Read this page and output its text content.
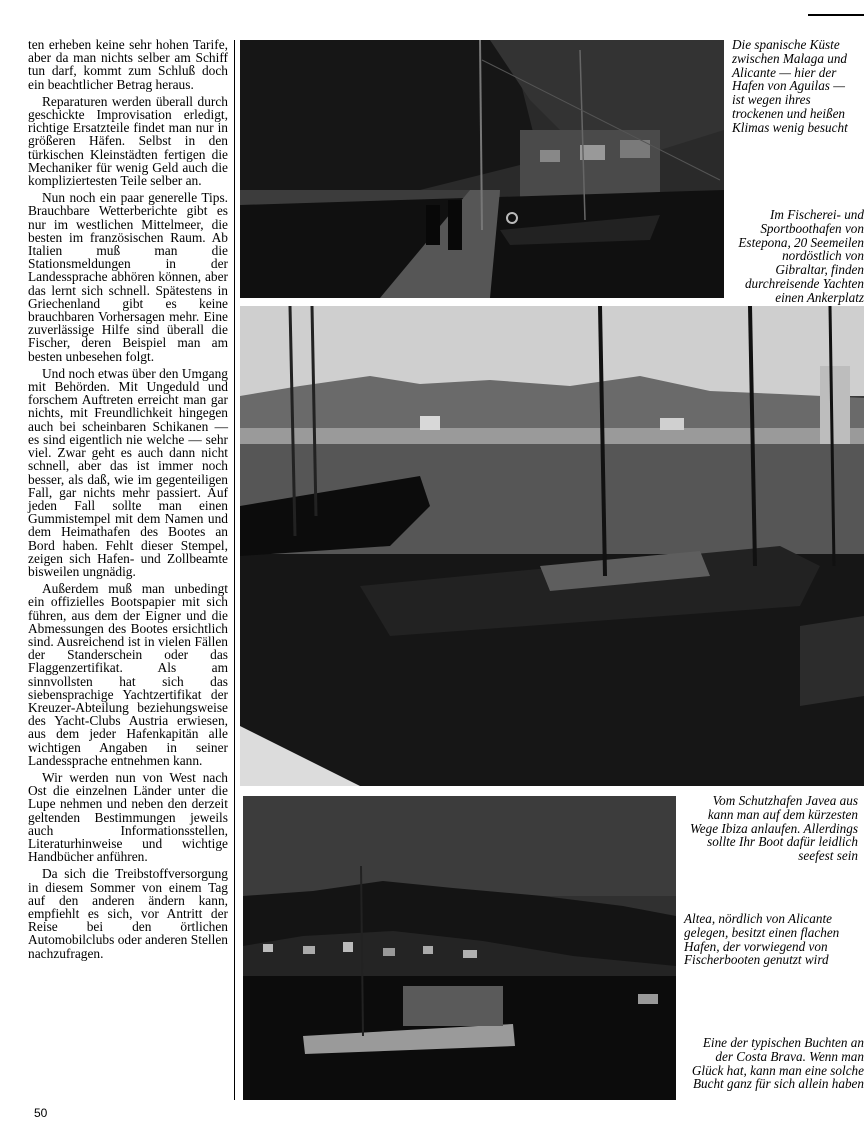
ten erheben keine sehr hohen Tarife, aber da man nichts selber am Schiff tun darf, kommt zum Schluß doch ein beachtlicher Betrag heraus.

Reparaturen werden überall durch geschickte Improvisation erledigt, richtige Ersatzteile findet man nur in größeren Häfen. Selbst in den türkischen Kleinstädten fertigen die Mechaniker für wenig Geld auch die kompliziertesten Teile selber an.

Nun noch ein paar generelle Tips. Brauchbare Wetterberichte gibt es nur im westlichen Mittelmeer, die besten im französischen Raum. Ab Italien muß man die Stationsmeldungen in der Landessprache abhören können, aber das lernt sich schnell. Spätestens in Griechenland gibt es keine brauchbaren Vorhersagen mehr. Eine zuverlässige Hilfe sind überall die Fischer, deren Beispiel man am besten unbesehen folgt.

Und noch etwas über den Umgang mit Behörden. Mit Ungeduld und forschem Auftreten erreicht man gar nichts, mit Freundlichkeit hingegen auch bei scheinbaren Schikanen — es sind eigentlich nie welche — sehr viel. Zwar geht es auch dann nicht schnell, aber das ist immer noch besser, als daß, wie im gegenteiligen Fall, gar nichts mehr passiert. Auf jeden Fall sollte man einen Gummistempel mit dem Namen und dem Heimathafen des Bootes an Bord haben. Fehlt dieser Stempel, zeigen sich Hafen- und Zollbeamte bisweilen ungnädig.

Außerdem muß man unbedingt ein offizielles Bootspapier mit sich führen, aus dem der Eigner und die Abmessungen des Bootes ersichtlich sind. Ausreichend ist in vielen Fällen der Standerschein oder das Flaggenzertifikat. Als am sinnvollsten hat sich das siebensprachige Yachtzertifikat der Kreuzer-Abteilung beziehungsweise des Yacht-Clubs Austria erwiesen, aus dem jeder Hafenkapitän alle wichtigen Angaben in seiner Landessprache entnehmen kann.

Wir werden nun von West nach Ost die einzelnen Länder unter die Lupe nehmen und neben den derzeit geltenden Bestimmungen jeweils auch Informationsstellen, Literaturhinweise und wichtige Handbücher anführen.

Da sich die Treibstoffversorgung in diesem Sommer von einem Tag auf den anderen ändern kann, empfiehlt es sich, vor Antritt der Reise bei den örtlichen Automobilclubs oder anderen Stellen nachzufragen.

Die spanische Küste zwischen Malaga und Alicante — hier der Hafen von Aguilas — ist wegen ihres trockenen und heißen Klimas wenig besucht
Im Fischerei- und Sportboothafen von Estepona, 20 Seemeilen nordöstlich von Gibraltar, finden durchreisende Yachten einen Ankerplatz
Vom Schutzhafen Javea aus kann man auf dem kürzesten Wege Ibiza anlaufen. Allerdings sollte Ihr Boot dafür leidlich seefest sein
Altea, nördlich von Alicante gelegen, besitzt einen flachen Hafen, der vorwiegend von Fischerbooten genutzt wird
Eine der typischen Buchten an der Costa Brava. Wenn man Glück hat, kann man eine solche Bucht ganz für sich allein haben
50
